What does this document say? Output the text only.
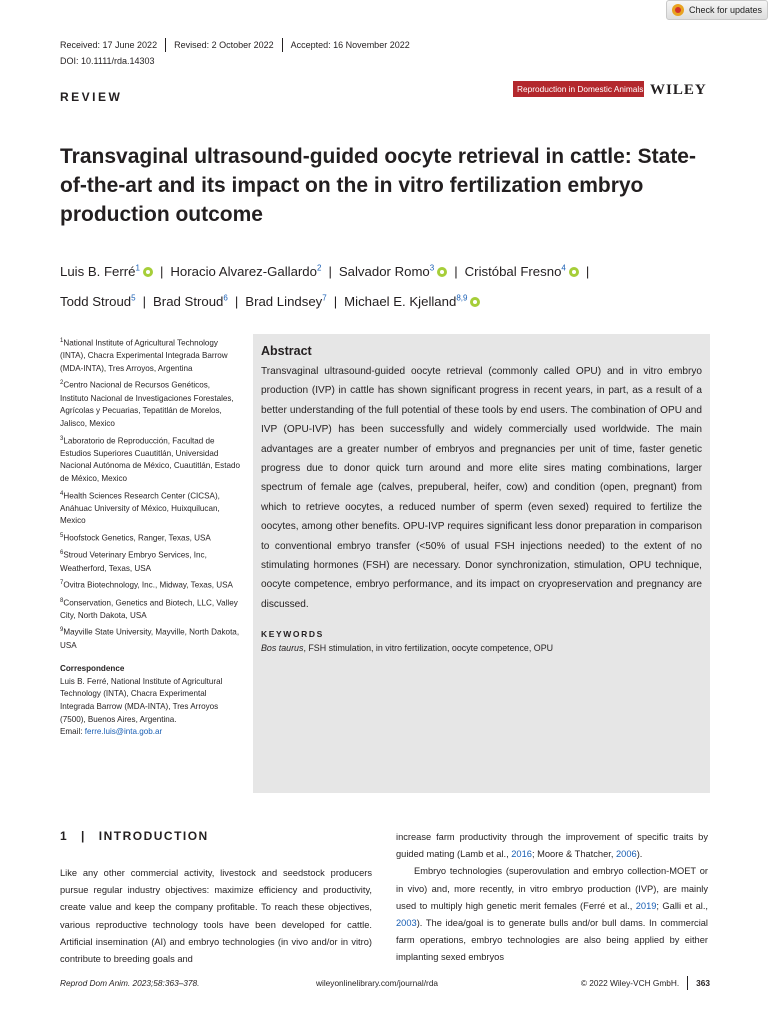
Check for updates
Received: 17 June 2022 Revised: 2 October 2022 Accepted: 16 November 2022
DOI: 10.1111/rda.14303
REVIEW
Reproduction in Domestic Animals WILEY
Transvaginal ultrasound-guided oocyte retrieval in cattle: State-of-the-art and its impact on the in vitro fertilization embryo production outcome
Luis B. Ferré$^1$ | Horacio Alvarez-Gallardo$^2$ | Salvador Romo$^3$ | Cristóbal Fresno$^4$ |
Todd Stroud$^5$ | Brad Stroud$^6$ | Brad Lindsey$^7$ | Michael E. Kjelland$^{8,9}$

$^1$National Institute of Agricultural Technology (INTA), Chacra Experimental Integrada Barrow (MDA-INTA), Tres Arroyos, Argentina

$^2$Centro Nacional de Recursos Genéticos, Instituto Nacional de Investigaciones Forestales, Agrícolas y Pecuarias, Tepatitlán de Morelos, Jalisco, Mexico

$^3$Laboratorio de Reproducción, Facultad de Estudios Superiores Cuautitlán, Universidad Nacional Autónoma de México, Cuautitlán, Estado de México, Mexico

$^4$Health Sciences Research Center (CICSA), Anáhuac University of México, Huixquilucan, Mexico

$^5$Hoofstock Genetics, Ranger, Texas, USA

$^6$Stroud Veterinary Embryo Services, Inc, Weatherford, Texas, USA

$^7$Ovitra Biotechnology, Inc., Midway, Texas, USA

$^8$Conservation, Genetics and Biotech, LLC, Valley City, North Dakota, USA

$^9$Mayville State University, Mayville, North Dakota, USA

Correspondence
Luis B. Ferré, National Institute of Agricultural Technology (INTA), Chacra Experimental Integrada Barrow (MDA-INTA), Tres Arroyos (7500), Buenos Aires, Argentina.
Email: ferre.luis@inta.gob.ar
Abstract

Transvaginal ultrasound-guided oocyte retrieval (commonly called OPU) and in vitro embryo production (IVP) in cattle has shown significant progress in recent years, in part, as a result of a better understanding of the full potential of these tools by end users. The combination of OPU and IVP (OPU-IVP) has been successfully and widely commercially used worldwide. The main advantages are a greater number of embryos and pregnancies per unit of time, faster genetic progress due to donor quick turn around and more elite sires mating combinations, larger spectrum of female age (calves, prepuberal, heifer, cow) and condition (open, pregnant) from which to retrieve oocytes, a reduced number of sperm (even sexed) required to fertilize the oocytes, among other benefits. OPU-IVP requires significant less donor preparation in comparison to conventional embryo transfer (<50% of usual FSH injections needed) to the extent of no stimulating hormones (FSH) are necessary. Donor synchronization, stimulation, OPU technique, oocyte competence, embryo performance, and its impact on cryopreservation and pregnancy are discussed.

KEYWORDS
Bos taurus, FSH stimulation, in vitro fertilization, oocyte competence, OPU
1 | INTRODUCTION

Like any other commercial activity, livestock and seedstock producers pursue regular industry objectives: maximize efficiency and productivity, create value and keep the company profitable. To reach these objectives, various reproductive technology tools have been developed for cattle. Artificial insemination (AI) and embryo technologies (in vivo and/or in vitro) contribute to breeding goals and

increase farm productivity through the improvement of specific traits by guided mating (Lamb et al., 2016; Moore & Thatcher, 2006).

Embryo technologies (superovulation and embryo collection-MOET or in vivo) and, more recently, in vitro embryo production (IVP), are mainly used to multiply high genetic merit females (Ferré et al., 2019; Galli et al., 2003). The idea/goal is to generate bulls and/or bull dams. In commercial farm operations, embryo technologies are also being applied by either implanting sexed embryos

Reprod Dom Anim. 2023;58:363–378.	wileyonlinelibrary.com/journal/rda	© 2022 Wiley-VCH GmbH. 363
